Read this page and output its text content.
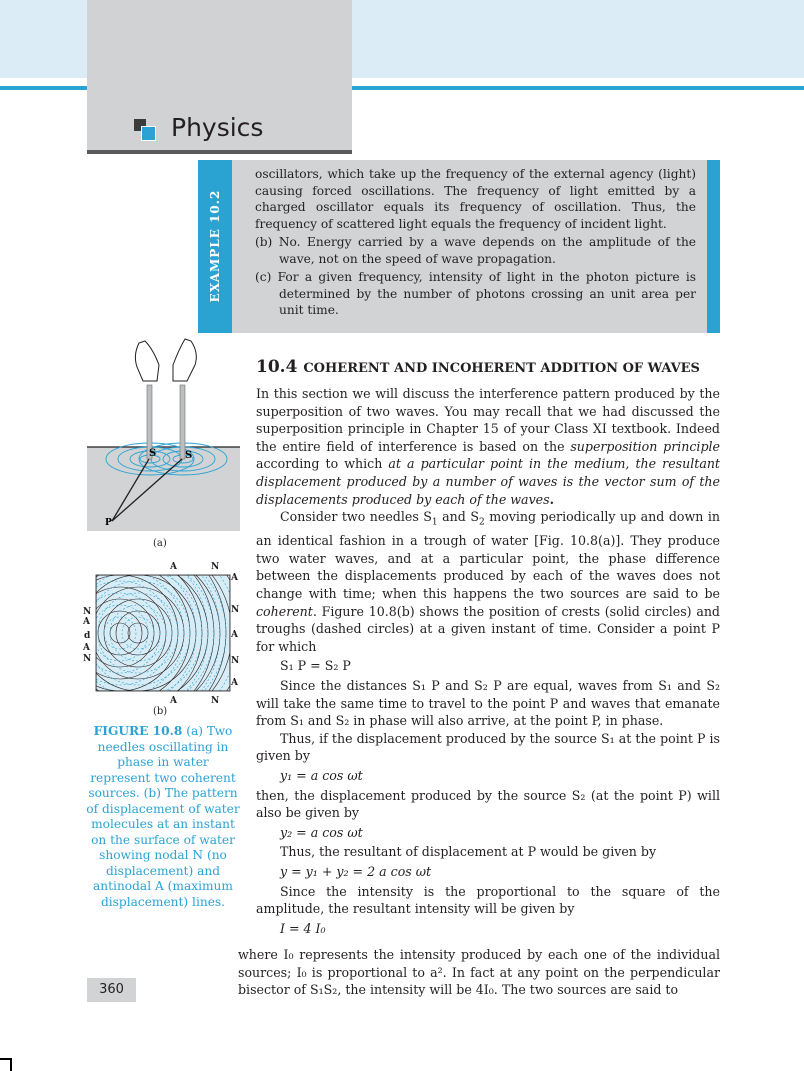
Physics
EXAMPLE 10.2

oscillators, which take up the frequency of the external agency (light) causing forced oscillations. The frequency of light emitted by a charged oscillator equals its frequency of oscillation. Thus, the frequency of scattered light equals the frequency of incident light.

(b) No. Energy carried by a wave depends on the amplitude of the wave, not on the speed of wave propagation.

(c) For a given frequency, intensity of light in the photon picture is determined by the number of photons crossing an unit area per unit time.

S	S
P
(a)
A	N
A	N
N
A
d
A
N
A
N
A
N
A
(b)
FIGURE 10.8 (a) Two needles oscillating in phase in water represent two coherent sources. (b) The pattern of displacement of water molecules at an instant on the surface of water showing nodal N (no displacement) and antinodal A (maximum displacement) lines.
360
10.4 COHERENT AND INCOHERENT ADDITION OF WAVES

In this section we will discuss the interference pattern produced by the superposition of two waves. You may recall that we had discussed the superposition principle in Chapter 15 of your Class XI textbook. Indeed the entire field of interference is based on the superposition principle according to which at a particular point in the medium, the resultant displacement produced by a number of waves is the vector sum of the displacements produced by each of the waves.

Consider two needles $S_1$ and $S_2$ moving periodically up and down in an identical fashion in a trough of water [Fig. 10.8(a)]. They produce two water waves, and at a particular point, the phase difference between the displacements produced by each of the waves does not change with time; when this happens the two sources are said to be coherent. Figure 10.8(b) shows the position of crests (solid circles) and troughs (dashed circles) at a given instant of time. Consider a point P for which

S₁ P = S₂ P

Since the distances S₁ P and S₂ P are equal, waves from S₁ and S₂ will take the same time to travel to the point P and waves that emanate from S₁ and S₂ in phase will also arrive, at the point P, in phase.

Thus, if the displacement produced by the source S₁ at the point P is given by

y₁ = a cos ωt

then, the displacement produced by the source S₂ (at the point P) will also be given by

y₂ = a cos ωt

Thus, the resultant of displacement at P would be given by

y = y₁ + y₂ = 2 a cos ωt

Since the intensity is the proportional to the square of the amplitude, the resultant intensity will be given by

I = 4 I₀

where I₀ represents the intensity produced by each one of the individual sources; I₀ is proportional to a². In fact at any point on the perpendicular bisector of S₁S₂, the intensity will be 4I₀. The two sources are said to
